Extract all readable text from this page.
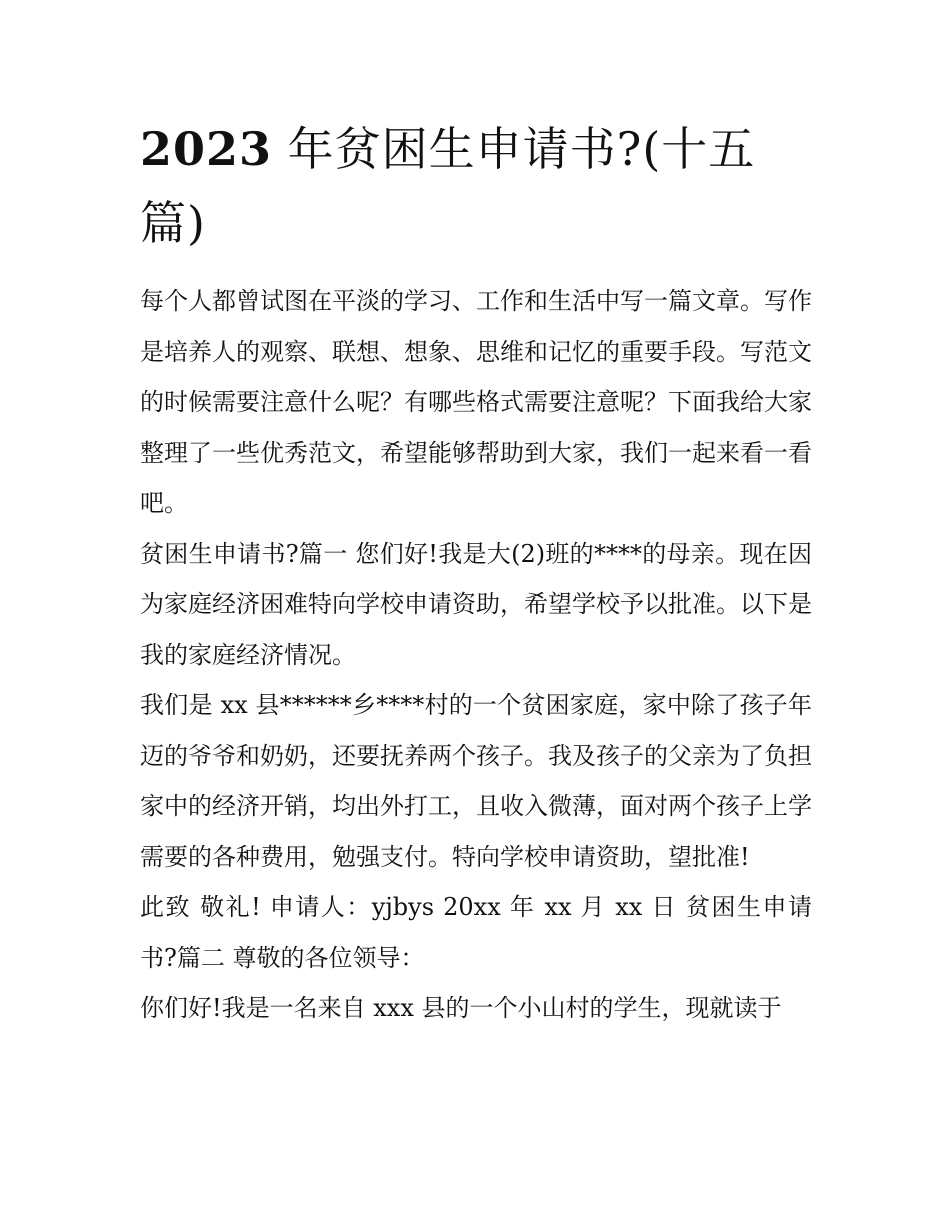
2023 年贫困生申请书?(十五篇)

每个人都曾试图在平淡的学习、工作和生活中写一篇文章。写作是培养人的观察、联想、想象、思维和记忆的重要手段。写范文的时候需要注意什么呢？有哪些格式需要注意呢？下面我给大家整理了一些优秀范文，希望能够帮助到大家，我们一起来看一看吧。

贫困生申请书?篇一 您们好!我是大(2)班的****的母亲。现在因为家庭经济困难特向学校申请资助，希望学校予以批准。以下是我的家庭经济情况。

我们是 xx 县******乡****村的一个贫困家庭，家中除了孩子年迈的爷爷和奶奶，还要抚养两个孩子。我及孩子的父亲为了负担家中的经济开销，均出外打工，且收入微薄，面对两个孩子上学需要的各种费用，勉强支付。特向学校申请资助，望批准!

此致 敬礼! 申请人：yjbys 20xx 年 xx 月 xx 日 贫困生申请书?篇二 尊敬的各位领导：

你们好!我是一名来自 xxx 县的一个小山村的学生，现就读于
